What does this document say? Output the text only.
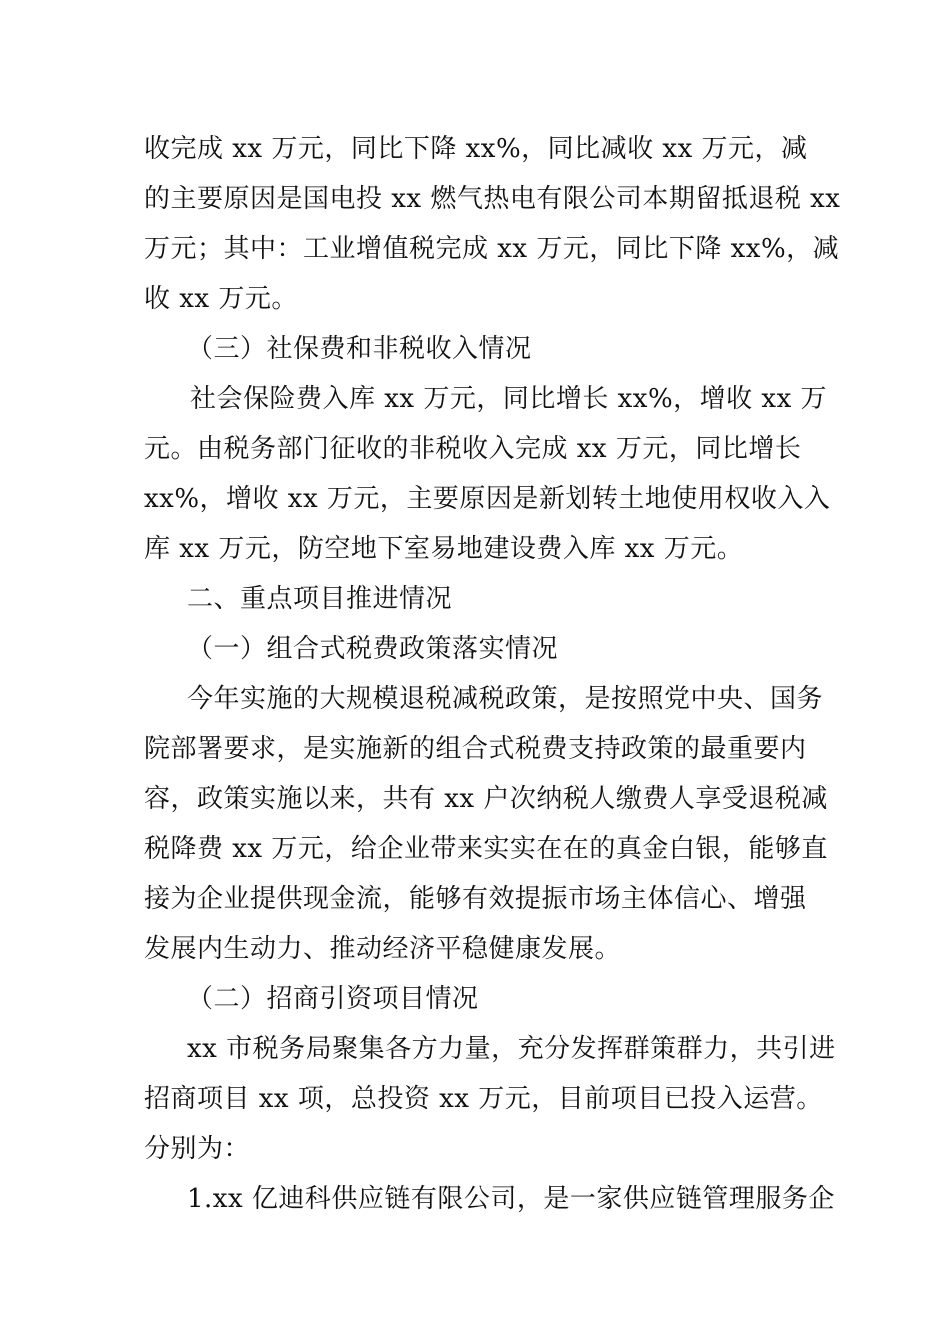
收完成 xx 万元，同比下降 xx%，同比减收 xx 万元，减
的主要原因是国电投 xx 燃气热电有限公司本期留抵退税 xx
万元；其中：工业增值税完成 xx 万元，同比下降 xx%，减
收 xx 万元。
（三）社保费和非税收入情况
社会保险费入库 xx 万元，同比增长 xx%，增收 xx 万
元。由税务部门征收的非税收入完成 xx 万元，同比增长
xx%，增收 xx 万元，主要原因是新划转土地使用权收入入
库 xx 万元，防空地下室易地建设费入库 xx 万元。
二、重点项目推进情况
（一）组合式税费政策落实情况
今年实施的大规模退税减税政策，是按照党中央、国务
院部署要求，是实施新的组合式税费支持政策的最重要内
容，政策实施以来，共有 xx 户次纳税人缴费人享受退税减
税降费 xx 万元，给企业带来实实在在的真金白银，能够直
接为企业提供现金流，能够有效提振市场主体信心、增强
发展内生动力、推动经济平稳健康发展。
（二）招商引资项目情况
xx 市税务局聚集各方力量，充分发挥群策群力，共引进
招商项目 xx 项，总投资 xx 万元，目前项目已投入运营。
分别为：
1.xx 亿迪科供应链有限公司，是一家供应链管理服务企
